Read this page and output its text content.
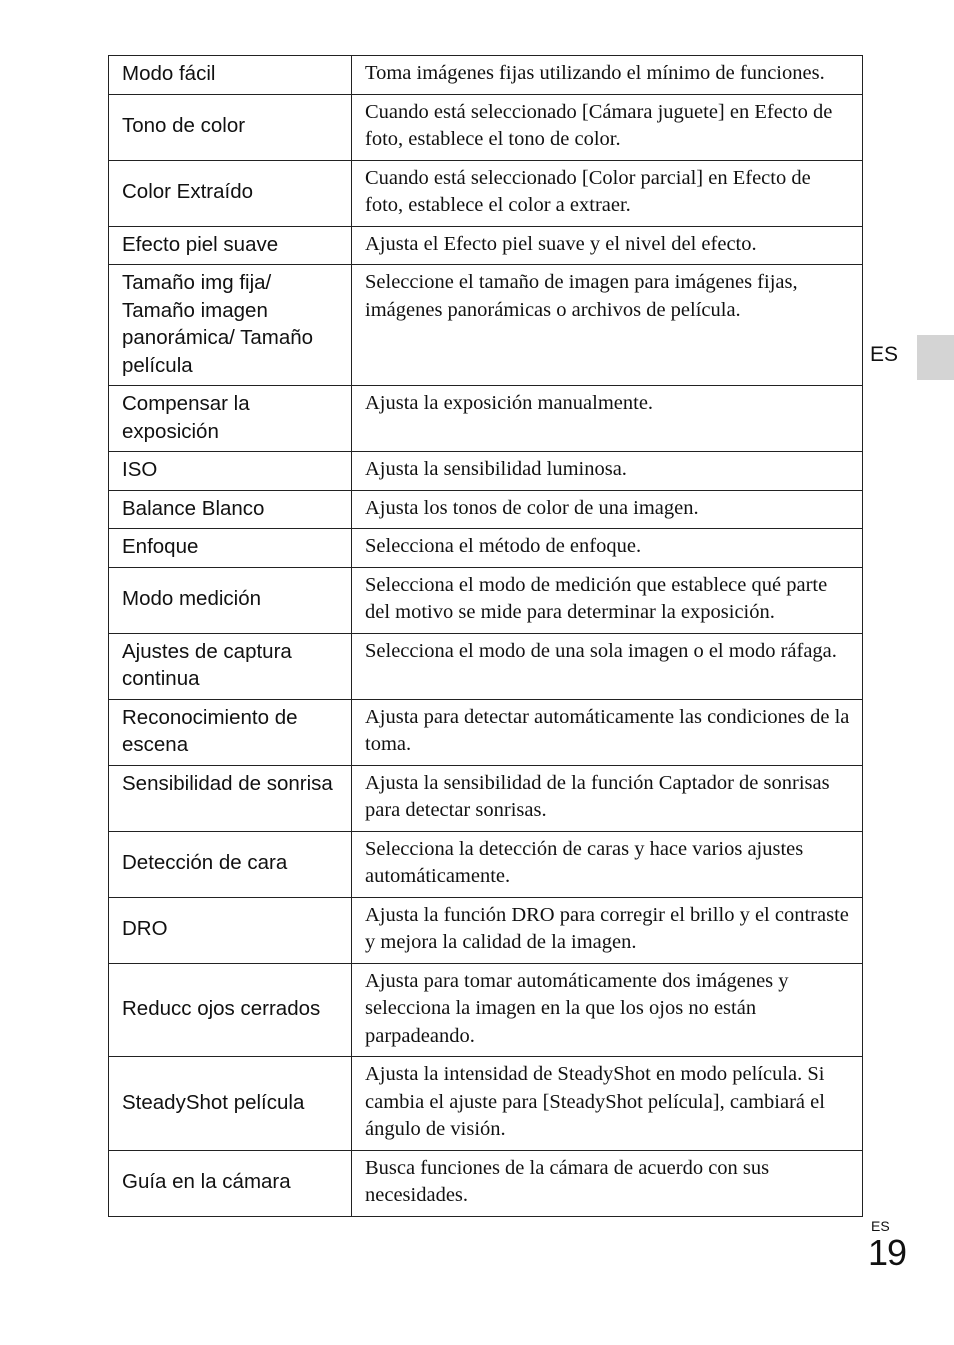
Modo fácil	Toma imágenes fijas utilizando el mínimo de funciones.
Tono de color	Cuando está seleccionado [Cámara juguete] en Efecto de foto, establece el tono de color.
Color Extraído	Cuando está seleccionado [Color parcial] en Efecto de foto, establece el color a extraer.
Efecto piel suave	Ajusta el Efecto piel suave y el nivel del efecto.
Tamaño img fija/ Tamaño imagen panorámica/ Tamaño película	Seleccione el tamaño de imagen para imágenes fijas, imágenes panorámicas o archivos de película.
Compensar la exposición	Ajusta la exposición manualmente.
ISO	Ajusta la sensibilidad luminosa.
Balance Blanco	Ajusta los tonos de color de una imagen.
Enfoque	Selecciona el método de enfoque.
Modo medición	Selecciona el modo de medición que establece qué parte del motivo se mide para determinar la exposición.
Ajustes de captura continua	Selecciona el modo de una sola imagen o el modo ráfaga.
Reconocimiento de escena	Ajusta para detectar automáticamente las condiciones de la toma.
Sensibilidad de sonrisa	Ajusta la sensibilidad de la función Captador de sonrisas para detectar sonrisas.
Detección de cara	Selecciona la detección de caras y hace varios ajustes automáticamente.
DRO	Ajusta la función DRO para corregir el brillo y el contraste y mejora la calidad de la imagen.
Reducc ojos cerrados	Ajusta para tomar automáticamente dos imágenes y selecciona la imagen en la que los ojos no están parpadeando.
SteadyShot película	Ajusta la intensidad de SteadyShot en modo película. Si cambia el ajuste para [SteadyShot película], cambiará el ángulo de visión.
Guía en la cámara	Busca funciones de la cámara de acuerdo con sus necesidades.
ES
ES
19
